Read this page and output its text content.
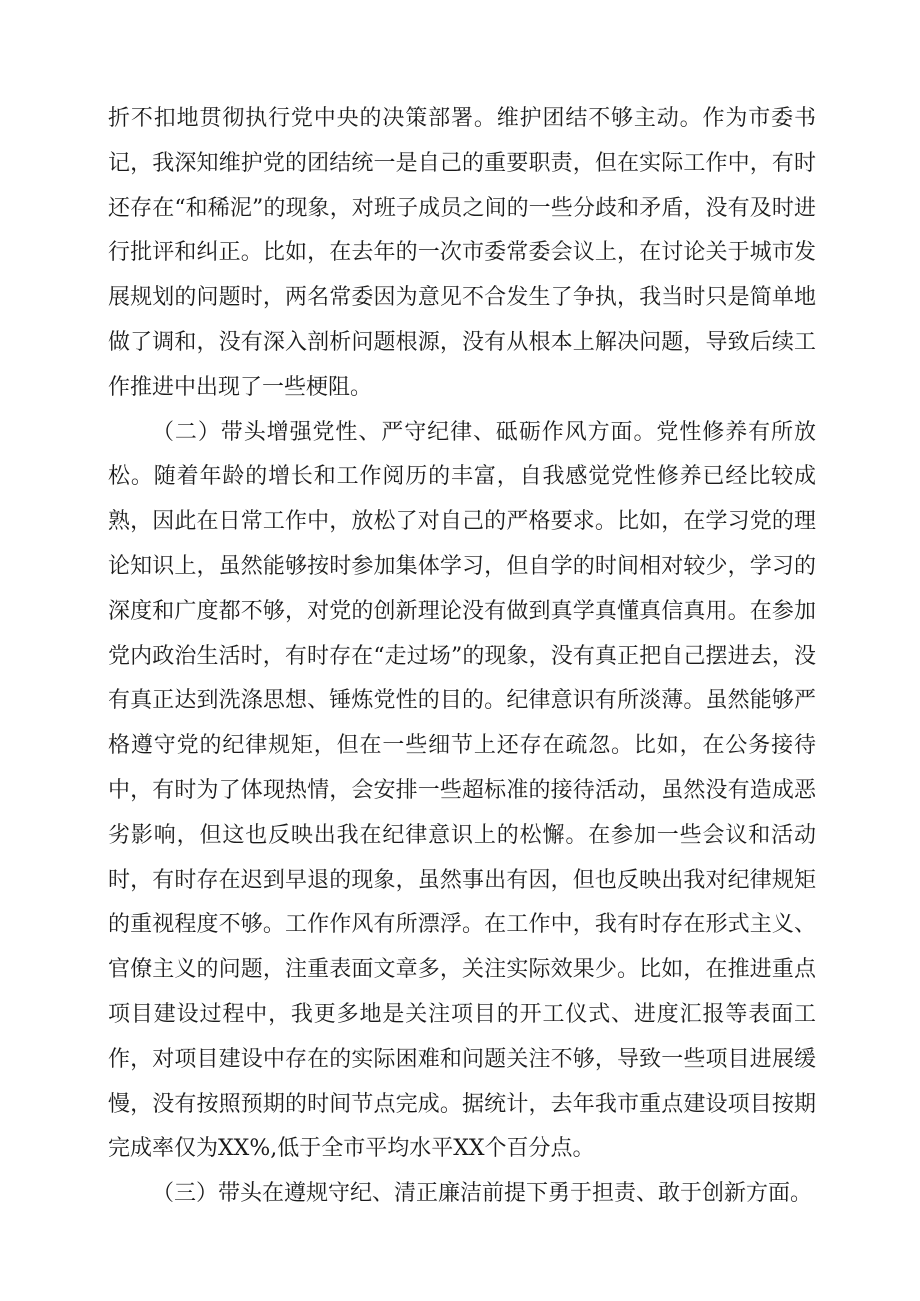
折不扣地贯彻执行党中央的决策部署。维护团结不够主动。作为市委书记，我深知维护党的团结统一是自己的重要职责，但在实际工作中，有时还存在“和稀泥”的现象，对班子成员之间的一些分歧和矛盾，没有及时进行批评和纠正。比如，在去年的一次市委常委会议上，在讨论关于城市发展规划的问题时，两名常委因为意见不合发生了争执，我当时只是简单地做了调和，没有深入剖析问题根源，没有从根本上解决问题，导致后续工作推进中出现了一些梗阻。

（二）带头增强党性、严守纪律、砥砺作风方面。党性修养有所放松。随着年龄的增长和工作阅历的丰富，自我感觉党性修养已经比较成熟，因此在日常工作中，放松了对自己的严格要求。比如，在学习党的理论知识上，虽然能够按时参加集体学习，但自学的时间相对较少，学习的深度和广度都不够，对党的创新理论没有做到真学真懂真信真用。在参加党内政治生活时，有时存在“走过场”的现象，没有真正把自己摆进去，没有真正达到洗涤思想、锤炼党性的目的。纪律意识有所淡薄。虽然能够严格遵守党的纪律规矩，但在一些细节上还存在疏忽。比如，在公务接待中，有时为了体现热情，会安排一些超标准的接待活动，虽然没有造成恶劣影响，但这也反映出我在纪律意识上的松懈。在参加一些会议和活动时，有时存在迟到早退的现象，虽然事出有因，但也反映出我对纪律规矩的重视程度不够。工作作风有所漂浮。在工作中，我有时存在形式主义、官僚主义的问题，注重表面文章多，关注实际效果少。比如，在推进重点项目建设过程中，我更多地是关注项目的开工仪式、进度汇报等表面工作，对项目建设中存在的实际困难和问题关注不够，导致一些项目进展缓慢，没有按照预期的时间节点完成。据统计，去年我市重点建设项目按期完成率仅为XX%,低于全市平均水平XX个百分点。

（三）带头在遵规守纪、清正廉洁前提下勇于担责、敢于创新方面。
